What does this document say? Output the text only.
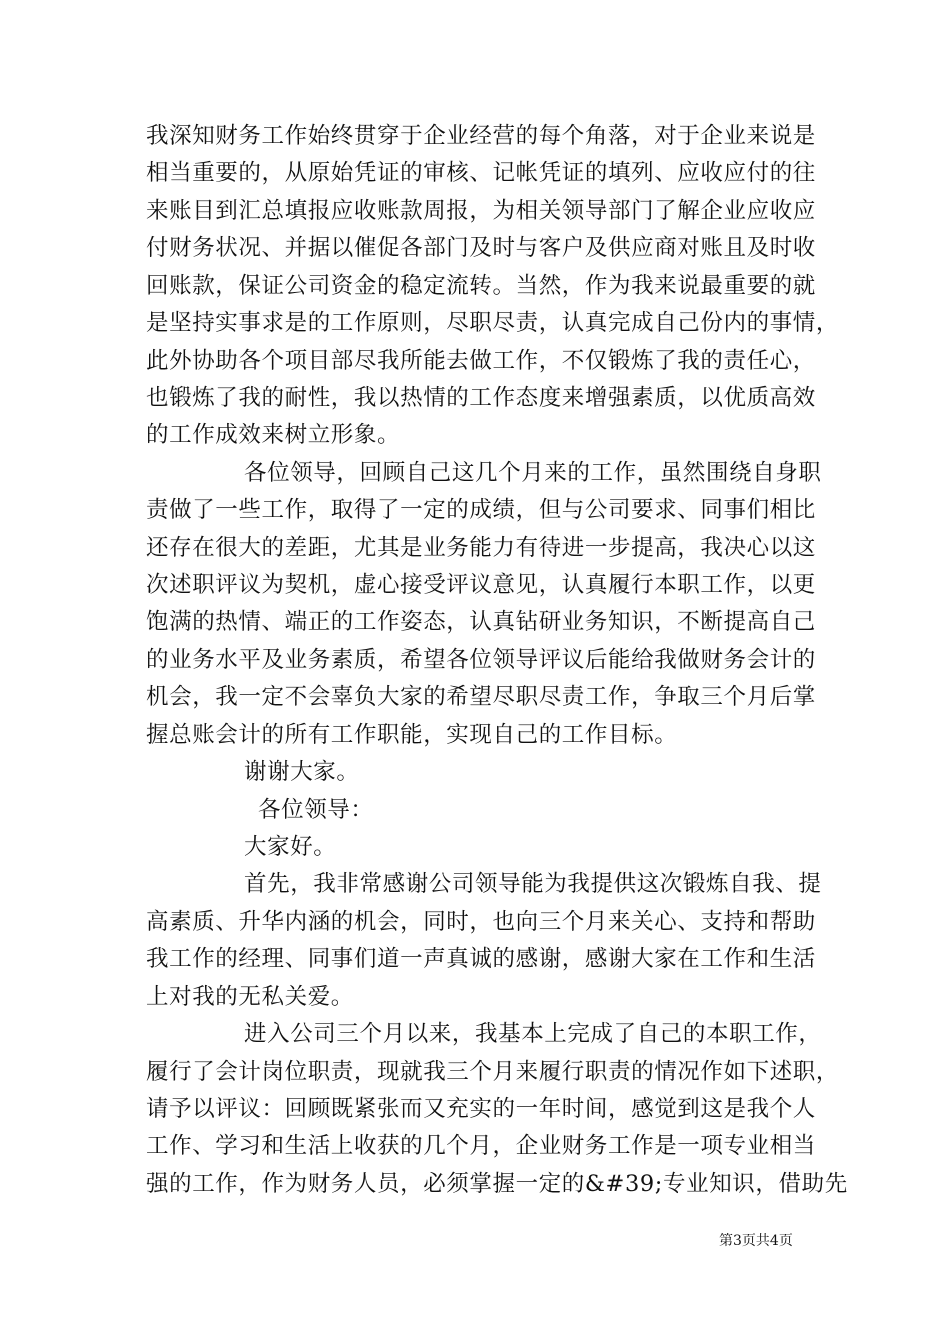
我深知财务工作始终贯穿于企业经营的每个角落，对于企业来说是
相当重要的，从原始凭证的审核、记帐凭证的填列、应收应付的往
来账目到汇总填报应收账款周报，为相关领导部门了解企业应收应
付财务状况、并据以催促各部门及时与客户及供应商对账且及时收
回账款，保证公司资金的稳定流转。当然，作为我来说最重要的就
是坚持实事求是的工作原则，尽职尽责，认真完成自己份内的事情，
此外协助各个项目部尽我所能去做工作，不仅锻炼了我的责任心，
也锻炼了我的耐性，我以热情的工作态度来增强素质，以优质高效
的工作成效来树立形象。
各位领导，回顾自己这几个月来的工作，虽然围绕自身职
责做了一些工作，取得了一定的成绩，但与公司要求、同事们相比
还存在很大的差距，尤其是业务能力有待进一步提高，我决心以这
次述职评议为契机，虚心接受评议意见，认真履行本职工作，以更
饱满的热情、端正的工作姿态，认真钻研业务知识，不断提高自己
的业务水平及业务素质，希望各位领导评议后能给我做财务会计的
机会，我一定不会辜负大家的希望尽职尽责工作，争取三个月后掌
握总账会计的所有工作职能，实现自己的工作目标。
谢谢大家。
各位领导：
大家好。
首先，我非常感谢公司领导能为我提供这次锻炼自我、提
高素质、升华内涵的机会，同时，也向三个月来关心、支持和帮助
我工作的经理、同事们道一声真诚的感谢，感谢大家在工作和生活
上对我的无私关爱。
进入公司三个月以来，我基本上完成了自己的本职工作，
履行了会计岗位职责，现就我三个月来履行职责的情况作如下述职，
请予以评议：回顾既紧张而又充实的一年时间，感觉到这是我个人
工作、学习和生活上收获的几个月，企业财务工作是一项专业相当
强的工作，作为财务人员，必须掌握一定的&#39;专业知识，借助先
第3页共4页
